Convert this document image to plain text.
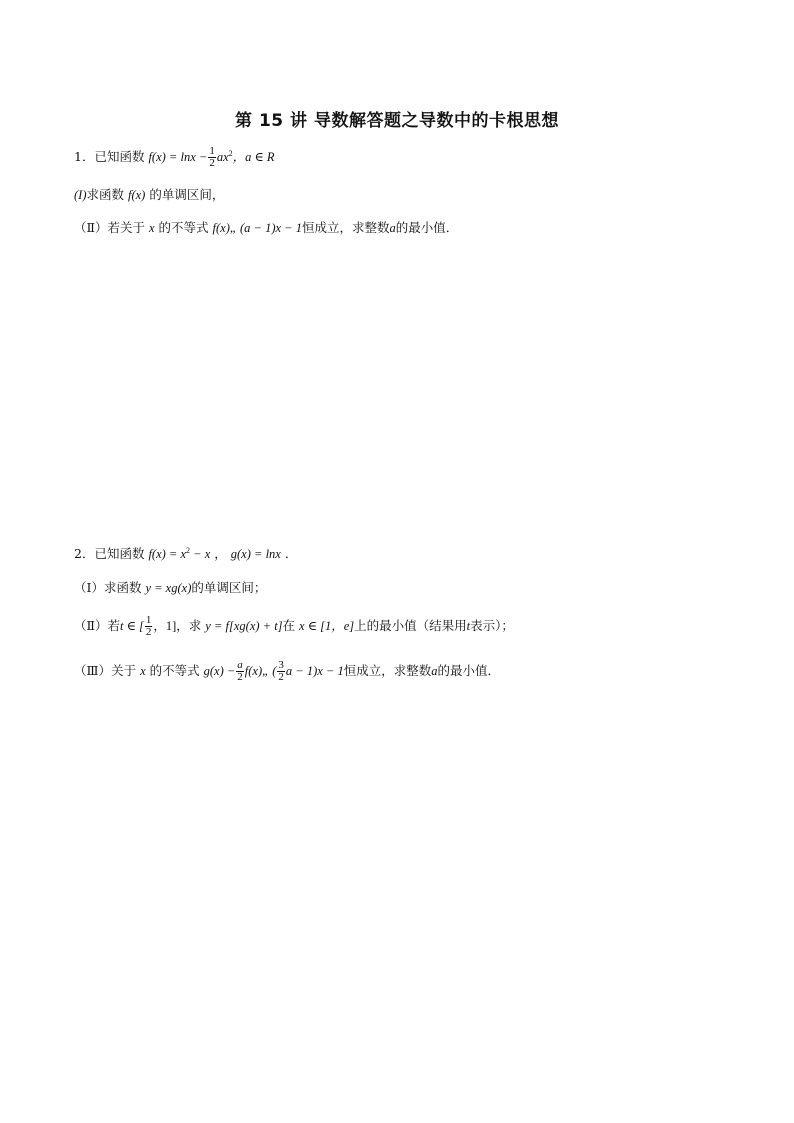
第 15 讲 导数解答题之导数中的卡根思想
1．已知函数 $f(x) = \ln x - \frac{1}{2} ax^2$，a ∈ R
(I)求函数 f(x) 的单调区间，
（Ⅱ）若关于 x 的不等式 f(x)„ (a − 1)x − 1恒成立，求整数a的最小值．
2．已知函数 $f(x) = x^2 - x$ ， g(x) = lnx ．
（Ⅰ）求函数 y = xg(x)的单调区间；
（Ⅱ）若t ∈ [ $\frac{1}{2}$ ，1]，求 y = f[xg(x) + t]在 x ∈ [1，e]上的最小值（结果用t表示）；
（Ⅲ）关于 x 的不等式 $g(x) - \frac{a}{2}$ f(x)„ ( $\frac{3}{2}$ a − 1)x − 1恒成立，求整数a的最小值．
